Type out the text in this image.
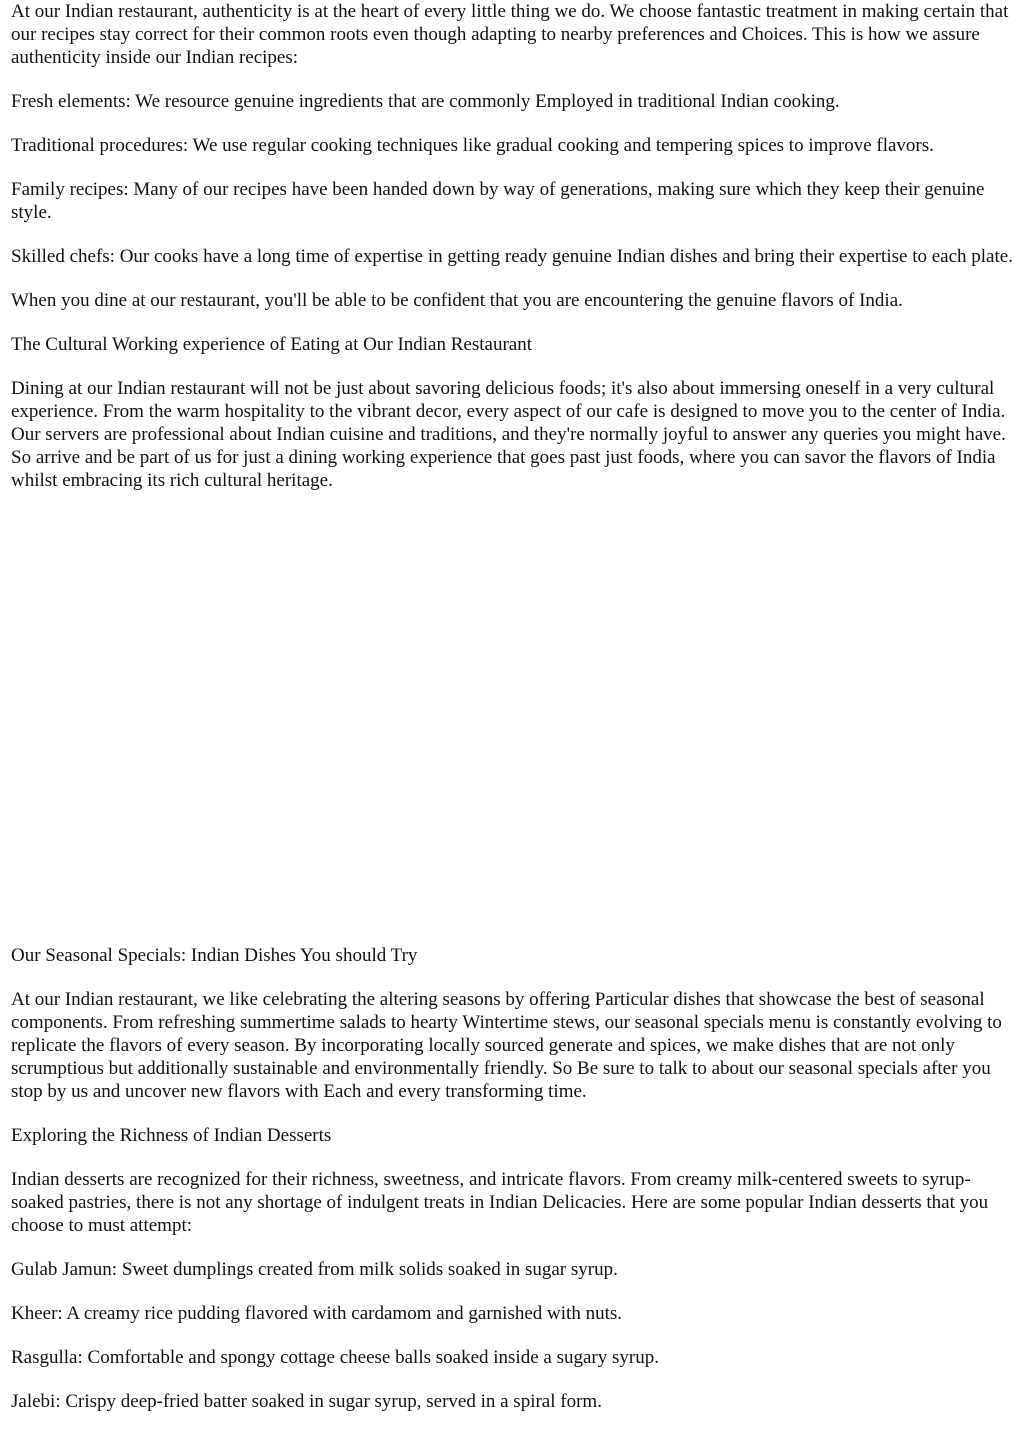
At our Indian restaurant, authenticity is at the heart of every little thing we do. We choose fantastic treatment in making certain that our recipes stay correct for their common roots even though adapting to nearby preferences and Choices. This is how we assure authenticity inside our Indian recipes:

Fresh elements: We resource genuine ingredients that are commonly Employed in traditional Indian cooking.

Traditional procedures: We use regular cooking techniques like gradual cooking and tempering spices to improve flavors.

Family recipes: Many of our recipes have been handed down by way of generations, making sure which they keep their genuine style.

Skilled chefs: Our cooks have a long time of expertise in getting ready genuine Indian dishes and bring their expertise to each plate.

When you dine at our restaurant, you'll be able to be confident that you are encountering the genuine flavors of India.

The Cultural Working experience of Eating at Our Indian Restaurant

Dining at our Indian restaurant will not be just about savoring delicious foods; it's also about immersing oneself in a very cultural experience. From the warm hospitality to the vibrant decor, every aspect of our cafe is designed to move you to the center of India. Our servers are professional about Indian cuisine and traditions, and they're normally joyful to answer any queries you might have. So arrive and be part of us for just a dining working experience that goes past just foods, where you can savor the flavors of India whilst embracing its rich cultural heritage.

Our Seasonal Specials: Indian Dishes You should Try

At our Indian restaurant, we like celebrating the altering seasons by offering Particular dishes that showcase the best of seasonal components. From refreshing summertime salads to hearty Wintertime stews, our seasonal specials menu is constantly evolving to replicate the flavors of every season. By incorporating locally sourced generate and spices, we make dishes that are not only scrumptious but additionally sustainable and environmentally friendly. So Be sure to talk to about our seasonal specials after you stop by us and uncover new flavors with Each and every transforming time.

Exploring the Richness of Indian Desserts

Indian desserts are recognized for their richness, sweetness, and intricate flavors. From creamy milk-centered sweets to syrup-soaked pastries, there is not any shortage of indulgent treats in Indian Delicacies. Here are some popular Indian desserts that you choose to must attempt:

Gulab Jamun: Sweet dumplings created from milk solids soaked in sugar syrup.

Kheer: A creamy rice pudding flavored with cardamom and garnished with nuts.

Rasgulla: Comfortable and spongy cottage cheese balls soaked inside a sugary syrup.

Jalebi: Crispy deep-fried batter soaked in sugar syrup, served in a spiral form.
